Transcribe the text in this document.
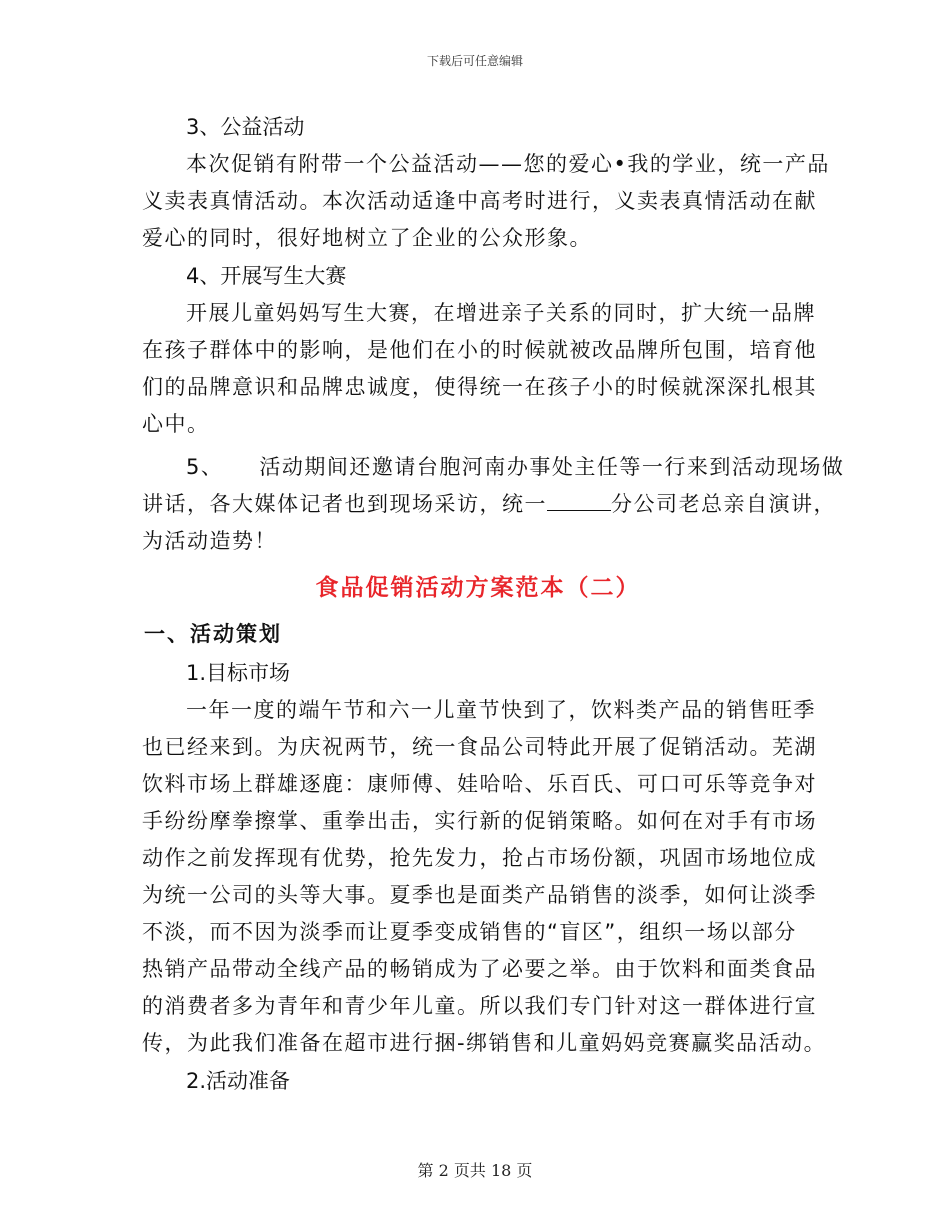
下载后可任意编辑
3、公益活动
本次促销有附带一个公益活动——您的爱心•我的学业，统一产品
义卖表真情活动。本次活动适逢中高考时进行，义卖表真情活动在献
爱心的同时，很好地树立了企业的公众形象。
4、开展写生大赛
开展儿童妈妈写生大赛，在增进亲子关系的同时，扩大统一品牌
在孩子群体中的影响，是他们在小的时候就被改品牌所包围，培育他
们的品牌意识和品牌忠诚度，使得统一在孩子小的时候就深深扎根其
心中。
5、 活动期间还邀请台胞河南办事处主任等一行来到活动现场做
讲话，各大媒体记者也到现场采访，统一	分公司老总亲自演讲，
为活动造势！
食品促销活动方案范本（二）
一、活动策划
1.目标市场
一年一度的端午节和六一儿童节快到了，饮料类产品的销售旺季
也已经来到。为庆祝两节，统一食品公司特此开展了促销活动。芜湖
饮料市场上群雄逐鹿：康师傅、娃哈哈、乐百氏、可口可乐等竞争对
手纷纷摩拳擦掌、重拳出击，实行新的促销策略。如何在对手有市场
动作之前发挥现有优势，抢先发力，抢占市场份额，巩固市场地位成
为统一公司的头等大事。夏季也是面类产品销售的淡季，如何让淡季
不淡，而不因为淡季而让夏季变成销售的“盲区”，组织一场以部分
热销产品带动全线产品的畅销成为了必要之举。由于饮料和面类食品
的消费者多为青年和青少年儿童。所以我们专门针对这一群体进行宣
传，为此我们准备在超市进行捆-绑销售和儿童妈妈竞赛赢奖品活动。
2.活动准备
第 2 页共 18 页
